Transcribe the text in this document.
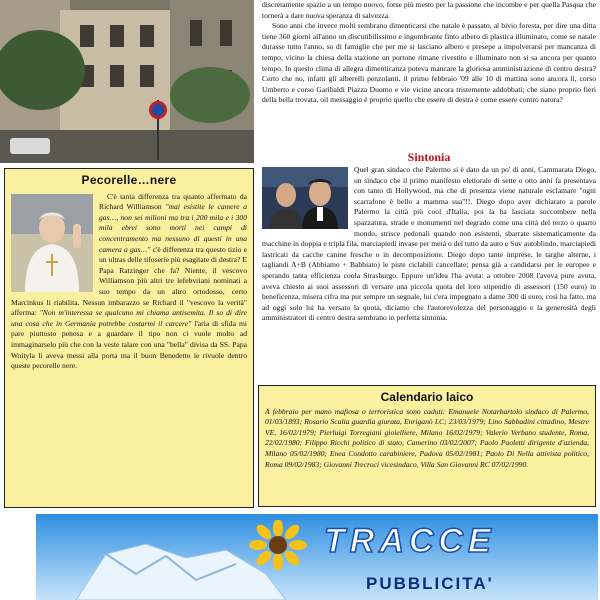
discretamente spazio a un tempo nuovo, forse più mesto per la passione che incombe e per quella Pasqua che tornerà a dare nuova speranza di salvezza.

Sono anni che invece molti sembrano dimenticarsi che natale è passato, al bivio foresta, per dire una ditta tiene 360 giorni all'anno un discutibilissimo e ingombrante finto albero di plastica illuminato, come se natale durasse tutto l'anno, so di famiglie che per me si lasciano albero e presepe a impolverarsi per mancanza di tempo, vicino la chiesa della stazione un portone rimane rivestito e illuminato non si sa ancora per quanto tempo. In questo clima di allegra dimenticanza poteva mancare la gloriosa amministrazione di centro destra? Certo che no, infatti gli alberelli penzolanti, il primo febbraio '09 alle 10 di mattina sono ancora lì, corso Umberto e corso Garibaldi Piazza Duomo e vie vicine ancora tristemente addobbati; che siano proprio fieri della bella trovata, oil messaggio è proprio quello che essere di destra è come essere contro natura?

Pecorelle…nere

C'è tanta differenza tra quanto affermato da Richard Williamson "mai esistite le camere a gas…, non sei milioni ma tra i 200 mila e i 300 mila ebrei sono morti nei campi di concentramento ma nessuno di questi in una camera a gas…" c'è differenza tra questo tizio e un ultras delle tifoserie più esagitate di destra? E Papa Ratzinger che fa? Niente, il vescovo Williamson più altri tre lefebvriani nominati a suo tempo da un altro ortodosso, certo Marcinkus li riabilita. Nessun imbarazzo se Richard il "vescovo la verità" afferma: "Non m'interessa se qualcuno mi chiama antisemita. Il so di dire una cosa che in Germania potrebbe costarmi il carcere" l'aria di sfida mi pare piuttosto penosa e a guardare il tipo non ci vuole molto ad immaginarselo più che con la veste talare con una "bella" divisa da SS. Papa Woityla li aveva messi alla porta ma il buon Benedetto le rivuole dentro queste pecorelle nere.

Sintonia
Quel gran sindaco che Palermo si è dato da un po' di anni, Cammarata Diego, un sindaco che il primo manifesto elettorale di sette o otto anni fa presentava con tanto di Hollywood, ma che di presenza viene naturale esclamare "ogni scarrafone è bello a mamma sua"!!. Diego dopo aver dichiarato a parole Palermo la città più cool d'Italia, poi la ha lasciata soccombere nella spazzatura, strade e monumenti nel degrado come una città del terzo o quarto mondo, strisce pedonali quando non esistenti, sbarrate sistematicamente da macchine in doppia e tripla fila, marciapiedi invase per metà o del tutto da auto e Suv autoblindo, marciapiedi lastricati da cacche canine fresche o in decomposizione. Diego dopo tante imprese, le targhe alterne, i tagliandi A+B (Abbiamo + Babbiato) le piste ciclabili cancellate; pensa già a candidarsi per le europee e sperando tanta efficienza coola Strasburgo. Eppure un'idea l'ha avuta: a ottobre 2008 l'aveva pure avuta, aveva chiesto ai suoi assessori di versare una piccola quota del loro stipendio di assessori (150 euro) in beneficenza, misera cifra ma pur sempre un segnale, lui c'era impegnato a dame 300 di euro, così ha fatto, ma ad oggi solo lui ha versato la quota, diciamo che l'autorevolezza del personaggio e la generosità degli amministratori di centro destra sembrano in perfetta sintonia.
Calendario laico

A febbraio per mano mafiosa o terroristica sono caduti: Emanuele Notarbartolo sindaco di Palermo, 01/03/1893; Rosario Scalia guardia giurata, Enriganò LC; 23/03/1979; Lino Sabbadini cittadino, Mestre VE, 16/02/1979; Pierluigi Torregiani gioielliere, Milano 16/02/1979; Valerio Verbano studente, Roma, 22/02/1980; Filippo Ricchi politico di stato, Camerino 03/02/2007; Paolo Paoletti dirigente d'azienda, Milano 05/02/1980; Enea Condotto carabiniere, Padova 05/02/1981; Paolo Di Nella attivista politico, Roma 09/02/1983; Giovanni Trecroci vicesindaco, Villa San Giovanni RC 07/02/1990.

TRACCE
PUBBLICITA'
